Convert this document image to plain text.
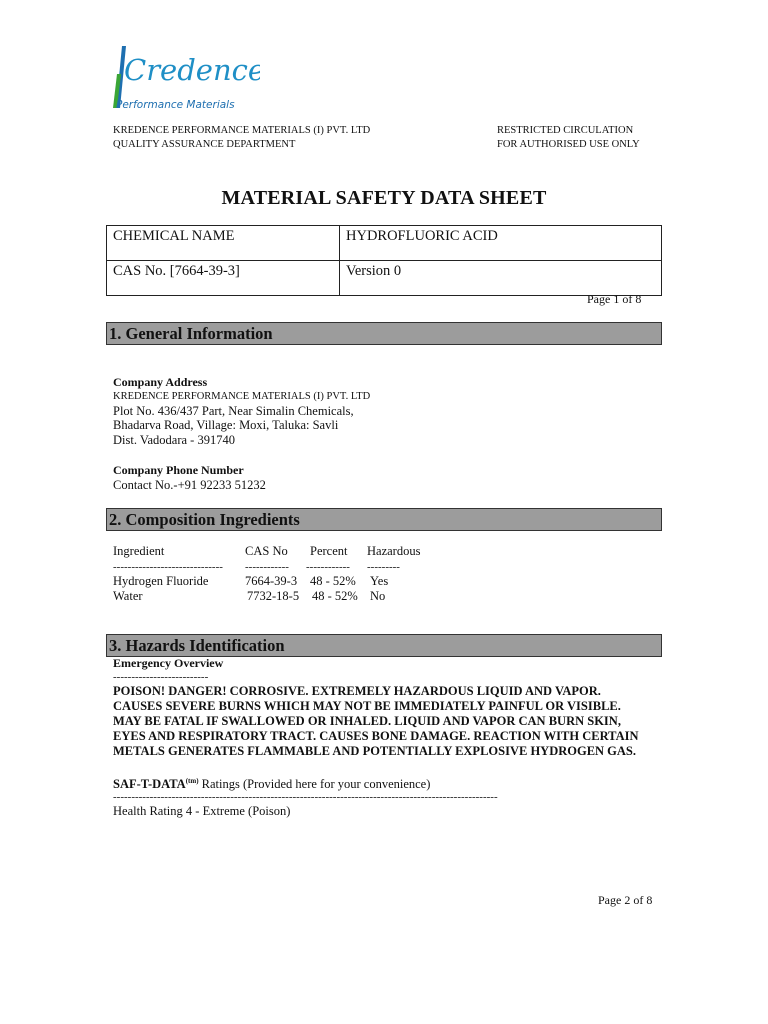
Credence
Performance Materials
KREDENCE PERFORMANCE MATERIALS (I) PVT. LTD
QUALITY ASSURANCE DEPARTMENT
RESTRICTED CIRCULATION
FOR AUTHORISED USE ONLY
MATERIAL SAFETY DATA SHEET
CHEMICAL NAME	HYDROFLUORIC ACID
CAS No. [7664-39-3]	Version 0
Page 1 of 8
1. General Information
Company Address
KREDENCE PERFORMANCE MATERIALS (I) PVT. LTD
Plot No. 436/437 Part, Near Simalin Chemicals,
Bhadarva Road, Village: Moxi, Taluka: Savli
Dist. Vadodara - 391740
Company Phone Number
Contact No.-+91 92233 51232
2. Composition Ingredients
Ingredient	CAS No Percent Hazardous
------------------------------ ------------ ------------ ---------
Hydrogen Fluoride	7664-39-3 48 - 52% Yes
Water	7732-18-5 48 - 52% No
3. Hazards Identification
Emergency Overview
--------------------------
POISON! DANGER! CORROSIVE. EXTREMELY HAZARDOUS LIQUID AND VAPOR.
CAUSES SEVERE BURNS WHICH MAY NOT BE IMMEDIATELY PAINFUL OR VISIBLE.
MAY BE FATAL IF SWALLOWED OR INHALED. LIQUID AND VAPOR CAN BURN SKIN,
EYES AND RESPIRATORY TRACT. CAUSES BONE DAMAGE. REACTION WITH CERTAIN
METALS GENERATES FLAMMABLE AND POTENTIALLY EXPLOSIVE HYDROGEN GAS.
SAF-$T-DATA^{(tm)}$ Ratings (Provided here for your convenience)
---------------------------------------------------------------------------------------------------------
Health Rating 4 - Extreme (Poison)
Page 2 of 8
